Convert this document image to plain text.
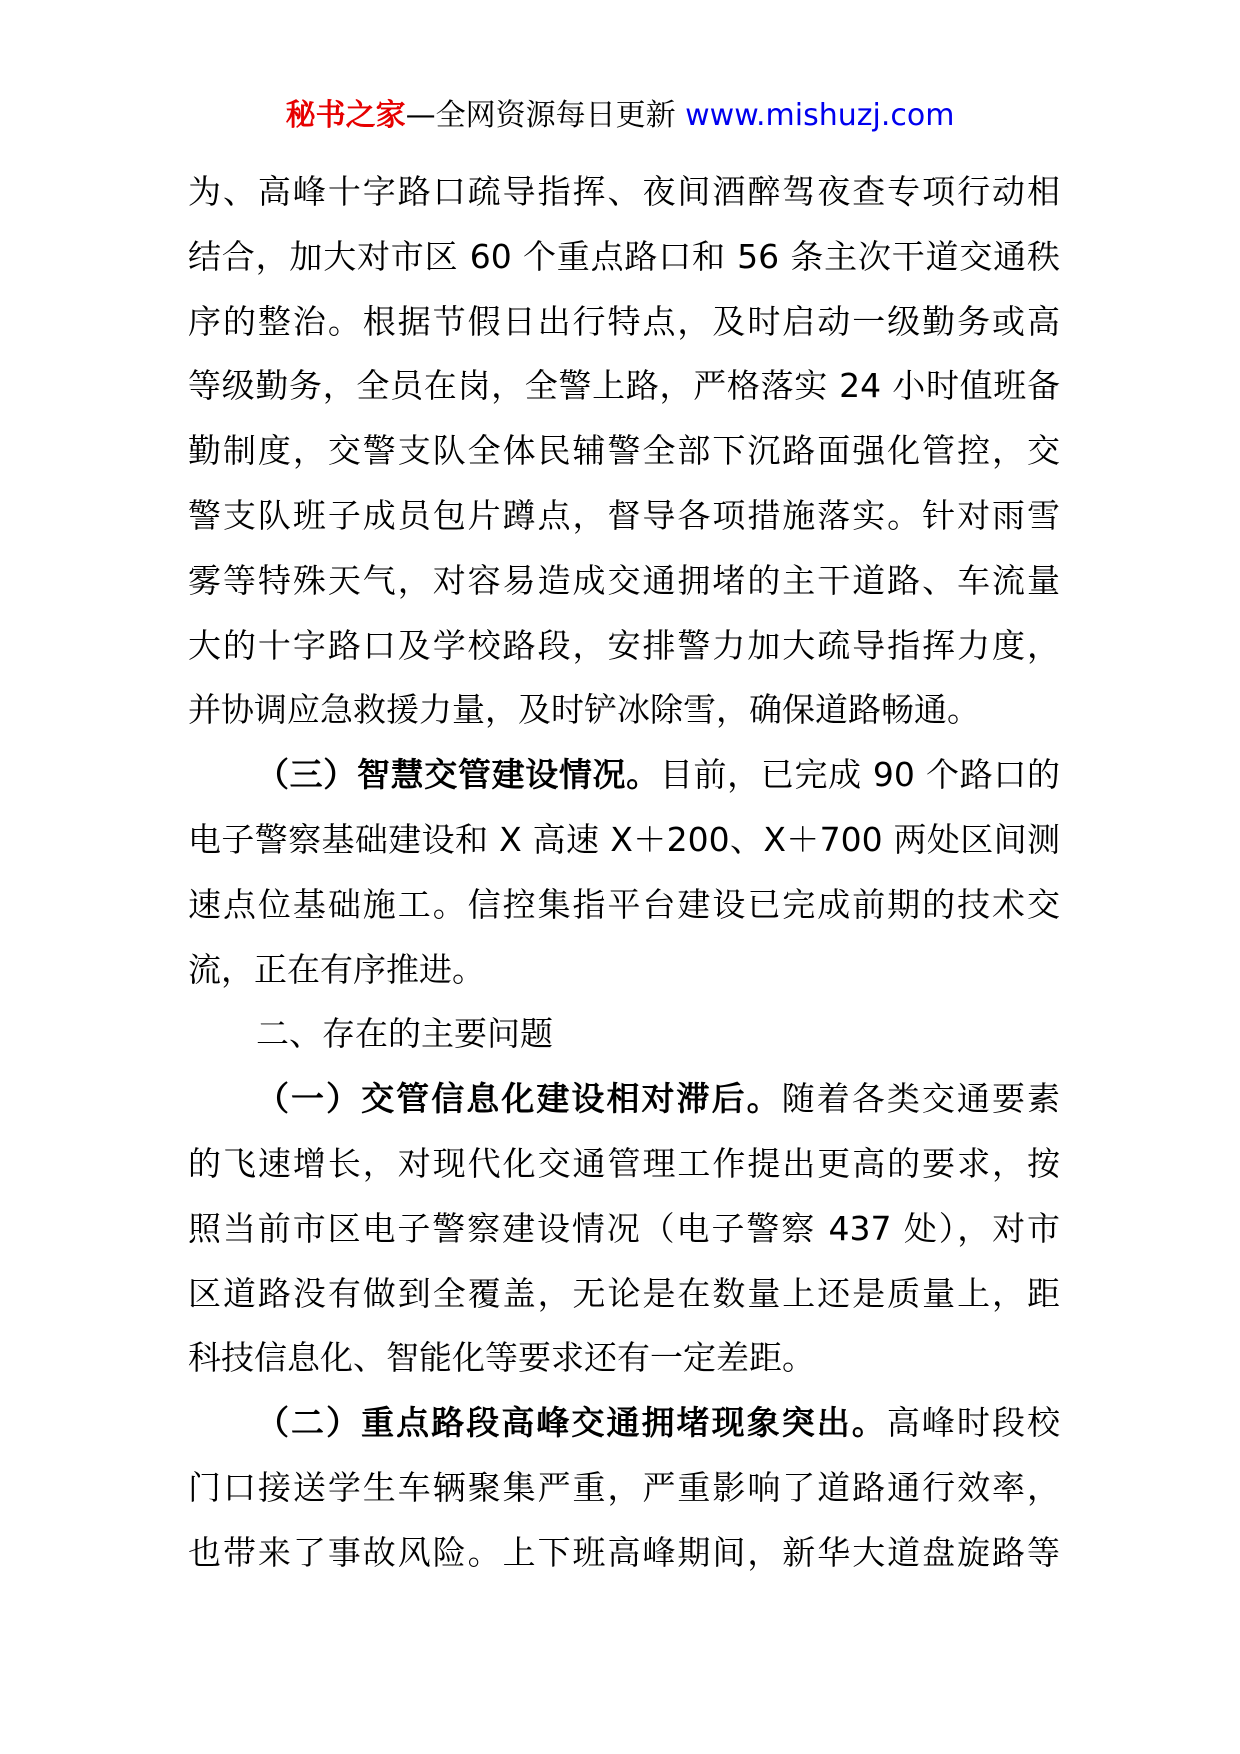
秘书之家—全网资源每日更新 www.mishuzj.com
为、高峰十字路口疏导指挥、夜间酒醉驾夜查专项行动相
结合，加大对市区 60 个重点路口和 56 条主次干道交通秩
序的整治。根据节假日出行特点，及时启动一级勤务或高
等级勤务，全员在岗，全警上路，严格落实 24 小时值班备
勤制度，交警支队全体民辅警全部下沉路面强化管控，交
警支队班子成员包片蹲点，督导各项措施落实。针对雨雪
雾等特殊天气，对容易造成交通拥堵的主干道路、车流量
大的十字路口及学校路段，安排警力加大疏导指挥力度，
并协调应急救援力量，及时铲冰除雪，确保道路畅通。
（三）智慧交管建设情况。目前，已完成 90 个路口的
电子警察基础建设和 X 高速 X＋200、X＋700 两处区间测
速点位基础施工。信控集指平台建设已完成前期的技术交
流，正在有序推进。
二、存在的主要问题
（一）交管信息化建设相对滞后。随着各类交通要素
的飞速增长，对现代化交通管理工作提出更高的要求，按
照当前市区电子警察建设情况（电子警察 437 处），对市
区道路没有做到全覆盖，无论是在数量上还是质量上，距
科技信息化、智能化等要求还有一定差距。
（二）重点路段高峰交通拥堵现象突出。高峰时段校
门口接送学生车辆聚集严重，严重影响了道路通行效率，
也带来了事故风险。上下班高峰期间，新华大道盘旋路等
